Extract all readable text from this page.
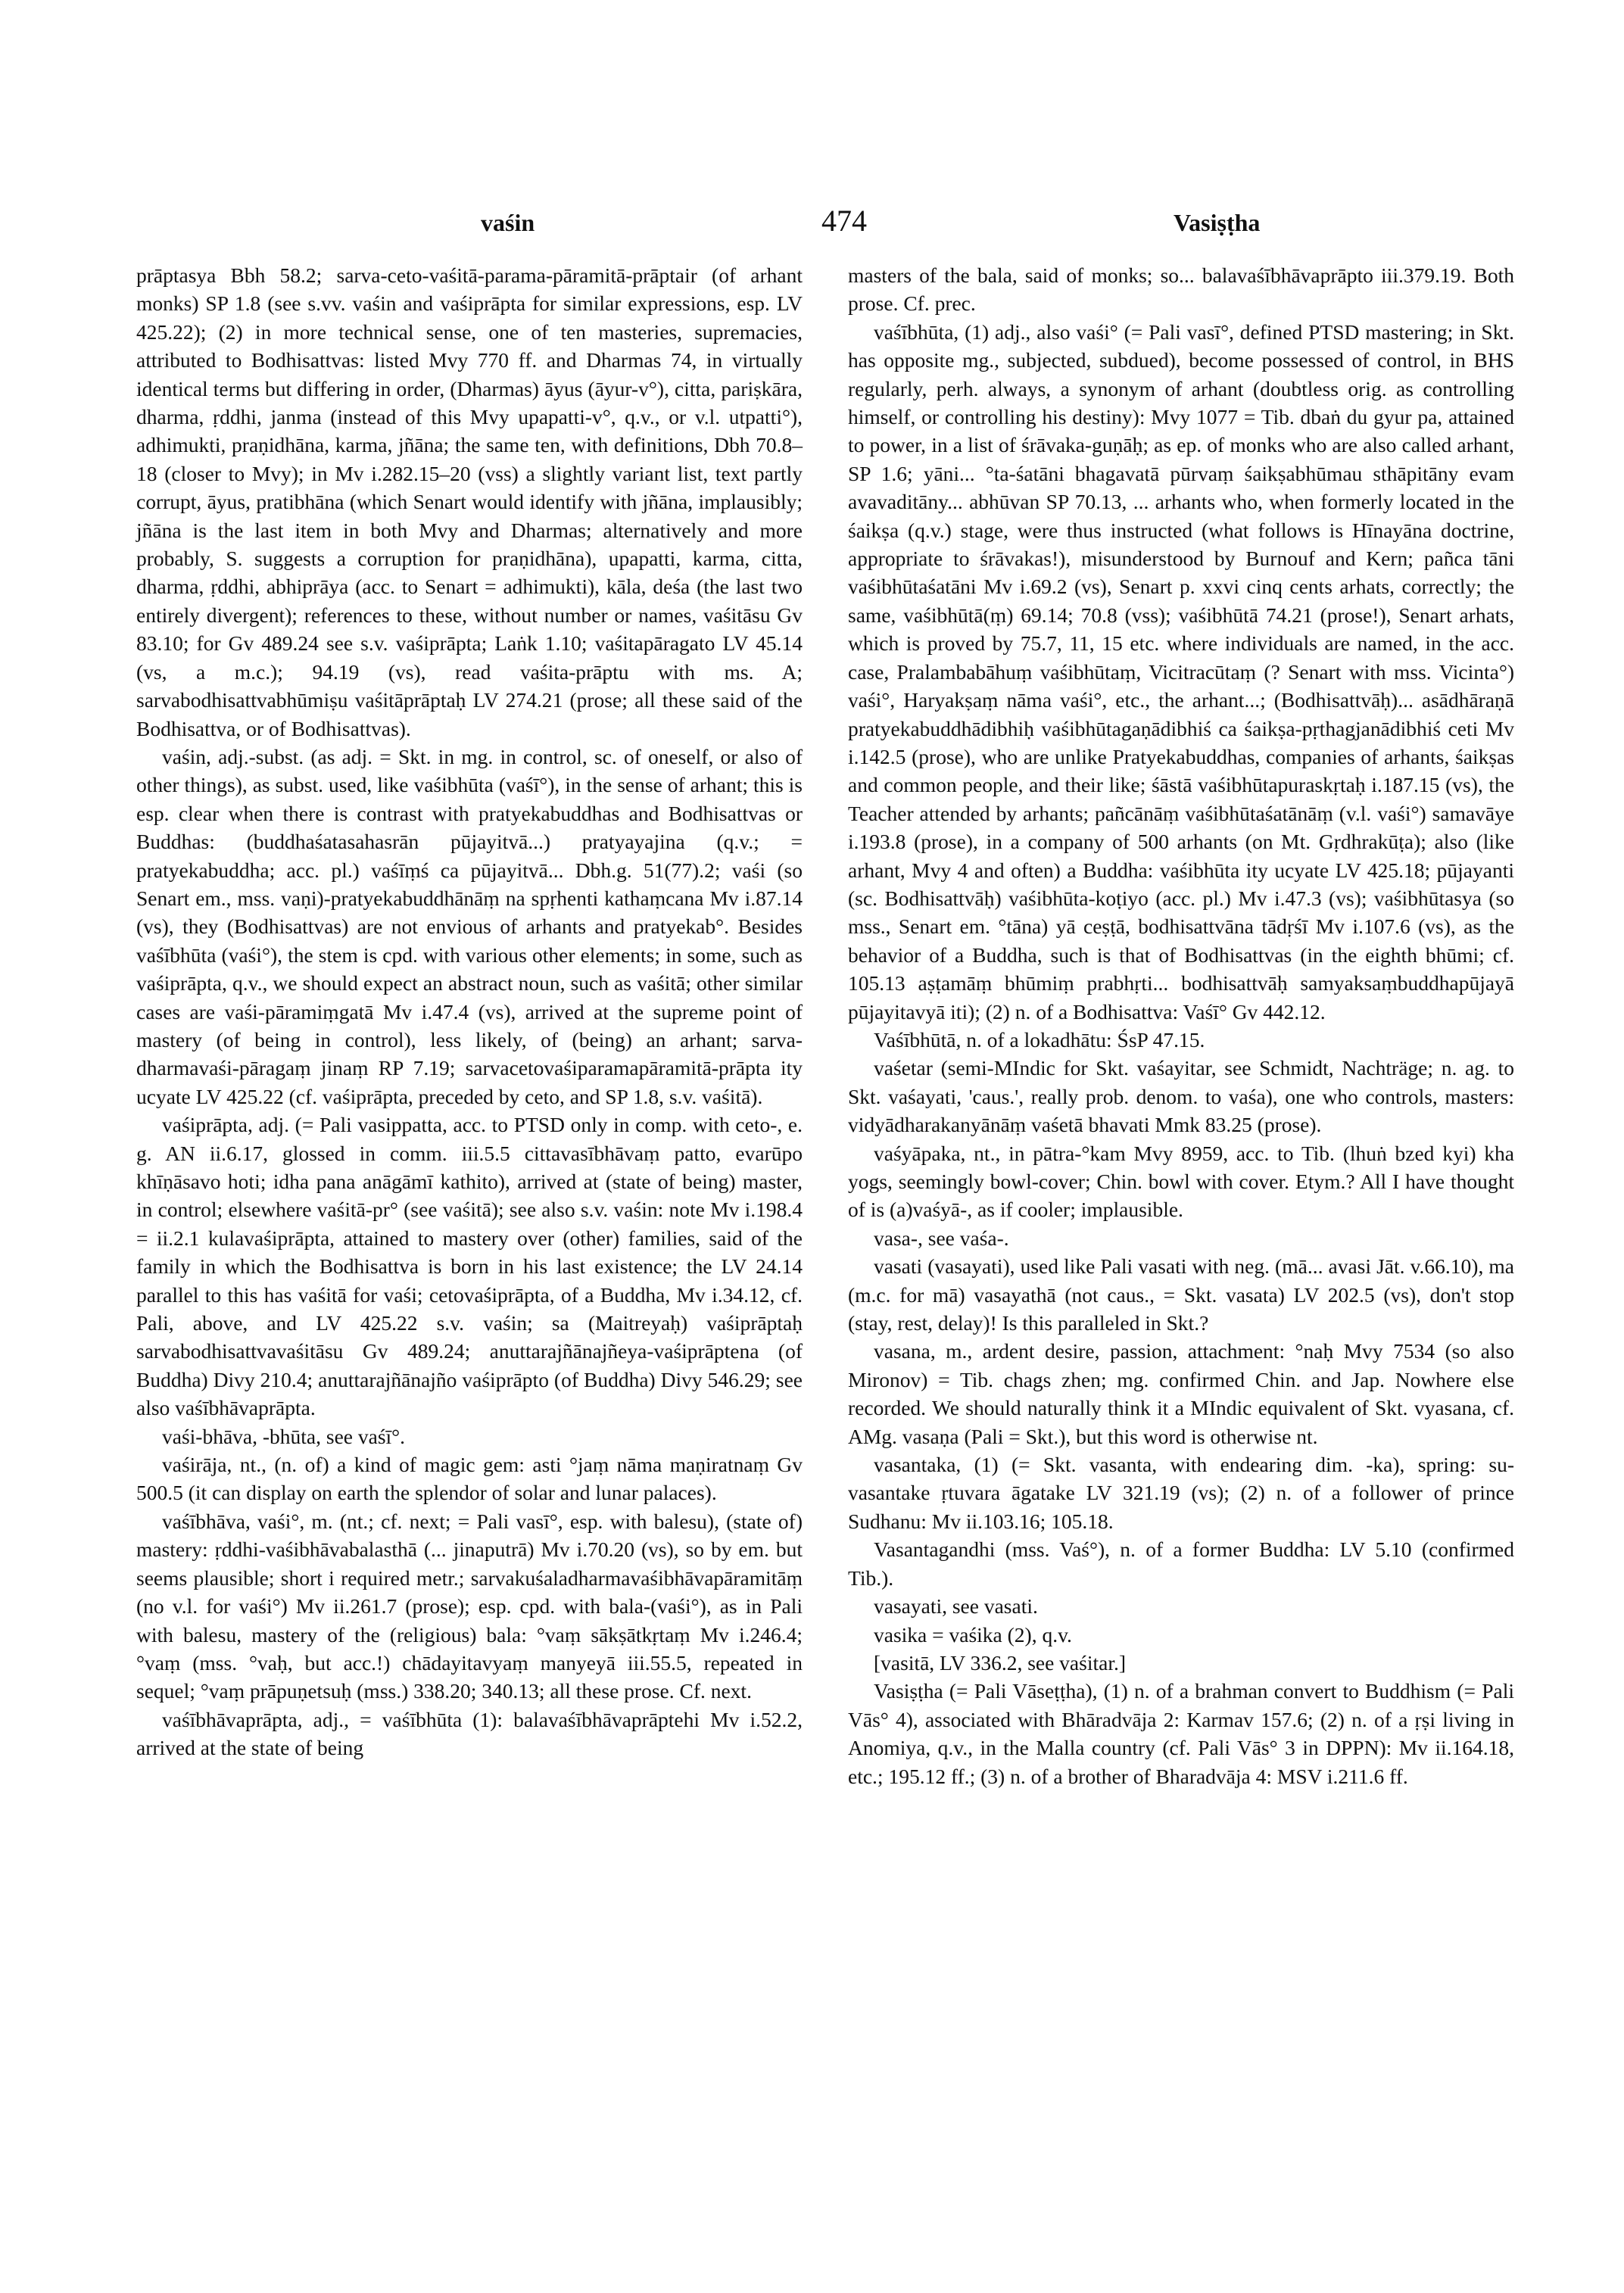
vaśin	474	Vasiṣṭha

prāptasya Bbh 58.2; sarva-ceto-vaśitā-parama-pāramitā-prāptair (of arhant monks) SP 1.8 (see s.vv. vaśin and vaśiprāpta for similar expressions, esp. LV 425.22); (2) in more technical sense, one of ten masteries, supremacies, attributed to Bodhisattvas: listed Mvy 770 ff. and Dharmas 74, in virtually identical terms but differing in order, (Dharmas) āyus (āyur-v°), citta, pariṣkāra, dharma, ṛddhi, janma (instead of this Mvy upapatti-v°, q.v., or v.l. utpatti°), adhimukti, praṇidhāna, karma, jñāna; the same ten, with definitions, Dbh 70.8–18 (closer to Mvy); in Mv i.282.15–20 (vss) a slightly variant list, text partly corrupt, āyus, pratibhāna (which Senart would identify with jñāna, implausibly; jñāna is the last item in both Mvy and Dharmas; alternatively and more probably, S. suggests a corruption for praṇidhāna), upapatti, karma, citta, dharma, ṛddhi, abhiprāya (acc. to Senart = adhimukti), kāla, deśa (the last two entirely divergent); references to these, without number or names, vaśitāsu Gv 83.10; for Gv 489.24 see s.v. vaśiprāpta; Laṅk 1.10; vaśitapāragato LV 45.14 (vs, a m.c.); 94.19 (vs), read vaśita-prāptu with ms. A; sarvabodhisattvabhūmiṣu vaśitāprāptaḥ LV 274.21 (prose; all these said of the Bodhisattva, or of Bodhisattvas).

vaśin, adj.-subst. (as adj. = Skt. in mg. in control, sc. of oneself, or also of other things), as subst. used, like vaśibhūta (vaśī°), in the sense of arhant; this is esp. clear when there is contrast with pratyekabuddhas and Bodhisattvas or Buddhas: (buddhaśatasahasrān pūjayitvā...) pratyayajina (q.v.; = pratyekabuddha; acc. pl.) vaśīṃś ca pūjayitvā... Dbh.g. 51(77).2; vaśi (so Senart em., mss. vaṇi)-pratyekabuddhānāṃ na spṛhenti kathaṃcana Mv i.87.14 (vs), they (Bodhisattvas) are not envious of arhants and pratyekab°. Besides vaśībhūta (vaśi°), the stem is cpd. with various other elements; in some, such as vaśiprāpta, q.v., we should expect an abstract noun, such as vaśitā; other similar cases are vaśi-pāramiṃgatā Mv i.47.4 (vs), arrived at the supreme point of mastery (of being in control), less likely, of (being) an arhant; sarva-dharmavaśi-pāragaṃ jinaṃ RP 7.19; sarvacetovaśiparamapāramitā-prāpta ity ucyate LV 425.22 (cf. vaśiprāpta, preceded by ceto, and SP 1.8, s.v. vaśitā).

vaśiprāpta, adj. (= Pali vasippatta, acc. to PTSD only in comp. with ceto-, e. g. AN ii.6.17, glossed in comm. iii.5.5 cittavasībhāvaṃ patto, evarūpo khīṇāsavo hoti; idha pana anāgāmī kathito), arrived at (state of being) master, in control; elsewhere vaśitā-pr° (see vaśitā); see also s.v. vaśin: note Mv i.198.4 = ii.2.1 kulavaśiprāpta, attained to mastery over (other) families, said of the family in which the Bodhisattva is born in his last existence; the LV 24.14 parallel to this has vaśitā for vaśi; cetovaśiprāpta, of a Buddha, Mv i.34.12, cf. Pali, above, and LV 425.22 s.v. vaśin; sa (Maitreyaḥ) vaśiprāptaḥ sarvabodhisattvavaśitāsu Gv 489.24; anuttarajñānajñeya-vaśiprāptena (of Buddha) Divy 210.4; anuttarajñānajño vaśiprāpto (of Buddha) Divy 546.29; see also vaśībhāvaprāpta.

vaśi-bhāva, -bhūta, see vaśī°.

vaśirāja, nt., (n. of) a kind of magic gem: asti °jaṃ nāma maṇiratnaṃ Gv 500.5 (it can display on earth the splendor of solar and lunar palaces).

vaśībhāva, vaśi°, m. (nt.; cf. next; = Pali vasī°, esp. with balesu), (state of) mastery: ṛddhi-vaśibhāvabalasthā (... jinaputrā) Mv i.70.20 (vs), so by em. but seems plausible; short i required metr.; sarvakuśaladharmavaśibhāvapāramitāṃ (no v.l. for vaśi°) Mv ii.261.7 (prose); esp. cpd. with bala-(vaśi°), as in Pali with balesu, mastery of the (religious) bala: °vaṃ sākṣātkṛtaṃ Mv i.246.4; °vaṃ (mss. °vaḥ, but acc.!) chādayitavyaṃ manyeyā iii.55.5, repeated in sequel; °vaṃ prāpuṇetsuḥ (mss.) 338.20; 340.13; all these prose. Cf. next.

vaśībhāvaprāpta, adj., = vaśībhūta (1): balavaśībhāvaprāptehi Mv i.52.2, arrived at the state of being

masters of the bala, said of monks; so... balavaśībhāvaprāpto iii.379.19. Both prose. Cf. prec.

vaśībhūta, (1) adj., also vaśi° (= Pali vasī°, defined PTSD mastering; in Skt. has opposite mg., subjected, subdued), become possessed of control, in BHS regularly, perh. always, a synonym of arhant (doubtless orig. as controlling himself, or controlling his destiny): Mvy 1077 = Tib. dbaṅ du gyur pa, attained to power, in a list of śrāvaka-guṇāḥ; as ep. of monks who are also called arhant, SP 1.6; yāni... °ta-śatāni bhagavatā pūrvaṃ śaikṣabhūmau sthāpitāny evam avavaditāny... abhūvan SP 70.13, ... arhants who, when formerly located in the śaikṣa (q.v.) stage, were thus instructed (what follows is Hīnayāna doctrine, appropriate to śrāvakas!), misunderstood by Burnouf and Kern; pañca tāni vaśibhūtaśatāni Mv i.69.2 (vs), Senart p. xxvi cinq cents arhats, correctly; the same, vaśibhūtā(ṃ) 69.14; 70.8 (vss); vaśibhūtā 74.21 (prose!), Senart arhats, which is proved by 75.7, 11, 15 etc. where individuals are named, in the acc. case, Pralambabāhuṃ vaśibhūtaṃ, Vicitracūtaṃ (? Senart with mss. Vicinta°) vaśi°, Haryakṣaṃ nāma vaśi°, etc., the arhant...; (Bodhisattvāḥ)... asādhāraṇā pratyekabuddhādibhiḥ vaśibhūtagaṇādibhiś ca śaikṣa-pṛthagjanādibhiś ceti Mv i.142.5 (prose), who are unlike Pratyekabuddhas, companies of arhants, śaikṣas and common people, and their like; śāstā vaśibhūtapuraskṛtaḥ i.187.15 (vs), the Teacher attended by arhants; pañcānāṃ vaśibhūtaśatānāṃ (v.l. vaśi°) samavāye i.193.8 (prose), in a company of 500 arhants (on Mt. Gṛdhrakūṭa); also (like arhant, Mvy 4 and often) a Buddha: vaśibhūta ity ucyate LV 425.18; pūjayanti (sc. Bodhisattvāḥ) vaśibhūta-koṭiyo (acc. pl.) Mv i.47.3 (vs); vaśibhūtasya (so mss., Senart em. °tāna) yā ceṣṭā, bodhisattvāna tādṛśī Mv i.107.6 (vs), as the behavior of a Buddha, such is that of Bodhisattvas (in the eighth bhūmi; cf. 105.13 aṣṭamāṃ bhūmiṃ prabhṛti... bodhisattvāḥ samyaksaṃbuddhapūjayā pūjayitavyā iti); (2) n. of a Bodhisattva: Vaśī° Gv 442.12.

Vaśībhūtā, n. of a lokadhātu: ŚsP 47.15.

vaśetar (semi-MIndic for Skt. vaśayitar, see Schmidt, Nachträge; n. ag. to Skt. vaśayati, 'caus.', really prob. denom. to vaśa), one who controls, masters: vidyādharakanyānāṃ vaśetā bhavati Mmk 83.25 (prose).

vaśyāpaka, nt., in pātra-°kam Mvy 8959, acc. to Tib. (lhuṅ bzed kyi) kha yogs, seemingly bowl-cover; Chin. bowl with cover. Etym.? All I have thought of is (a)vaśyā-, as if cooler; implausible.

vasa-, see vaśa-.

vasati (vasayati), used like Pali vasati with neg. (mā... avasi Jāt. v.66.10), ma (m.c. for mā) vasayathā (not caus., = Skt. vasata) LV 202.5 (vs), don't stop (stay, rest, delay)! Is this paralleled in Skt.?

vasana, m., ardent desire, passion, attachment: °naḥ Mvy 7534 (so also Mironov) = Tib. chags zhen; mg. confirmed Chin. and Jap. Nowhere else recorded. We should naturally think it a MIndic equivalent of Skt. vyasana, cf. AMg. vasaṇa (Pali = Skt.), but this word is otherwise nt.

vasantaka, (1) (= Skt. vasanta, with endearing dim. -ka), spring: su-vasantake ṛtuvara āgatake LV 321.19 (vs); (2) n. of a follower of prince Sudhanu: Mv ii.103.16; 105.18.

Vasantagandhi (mss. Vaś°), n. of a former Buddha: LV 5.10 (confirmed Tib.).

vasayati, see vasati.

vasika = vaśika (2), q.v.

[vasitā, LV 336.2, see vaśitar.]

Vasiṣṭha (= Pali Vāseṭṭha), (1) n. of a brahman convert to Buddhism (= Pali Vās° 4), associated with Bhāradvāja 2: Karmav 157.6; (2) n. of a ṛṣi living in Anomiya, q.v., in the Malla country (cf. Pali Vās° 3 in DPPN): Mv ii.164.18, etc.; 195.12 ff.; (3) n. of a brother of Bharadvāja 4: MSV i.211.6 ff.
